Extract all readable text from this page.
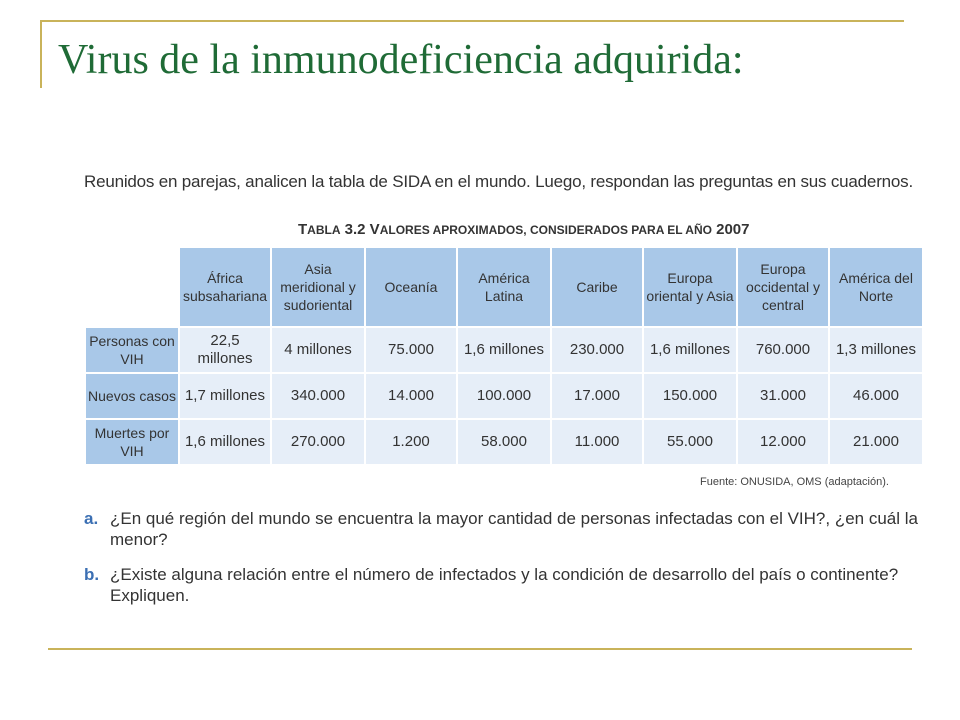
Virus de la inmunodeficiencia adquirida:
Reunidos en parejas, analicen la tabla de SIDA en el mundo. Luego, respondan las preguntas en sus cuadernos.
TABLA 3.2 VALORES APROXIMADOS, CONSIDERADOS PARA EL AÑO 2007
	África subsahariana	Asia meridional y sudoriental	Oceanía	América Latina	Caribe	Europa oriental y Asia	Europa occidental y central	América del Norte
Personas con VIH	22,5 millones	4 millones	75.000	1,6 millones	230.000	1,6 millones	760.000	1,3 millones
Nuevos casos	1,7 millones	340.000	14.000	100.000	17.000	150.000	31.000	46.000
Muertes por VIH	1,6 millones	270.000	1.200	58.000	11.000	55.000	12.000	21.000
Fuente: ONUSIDA, OMS (adaptación).
a. ¿En qué región del mundo se encuentra la mayor cantidad de personas infectadas con el VIH?, ¿en cuál la menor?
b. ¿Existe alguna relación entre el número de infectados y la condición de desarrollo del país o continente? Expliquen.
